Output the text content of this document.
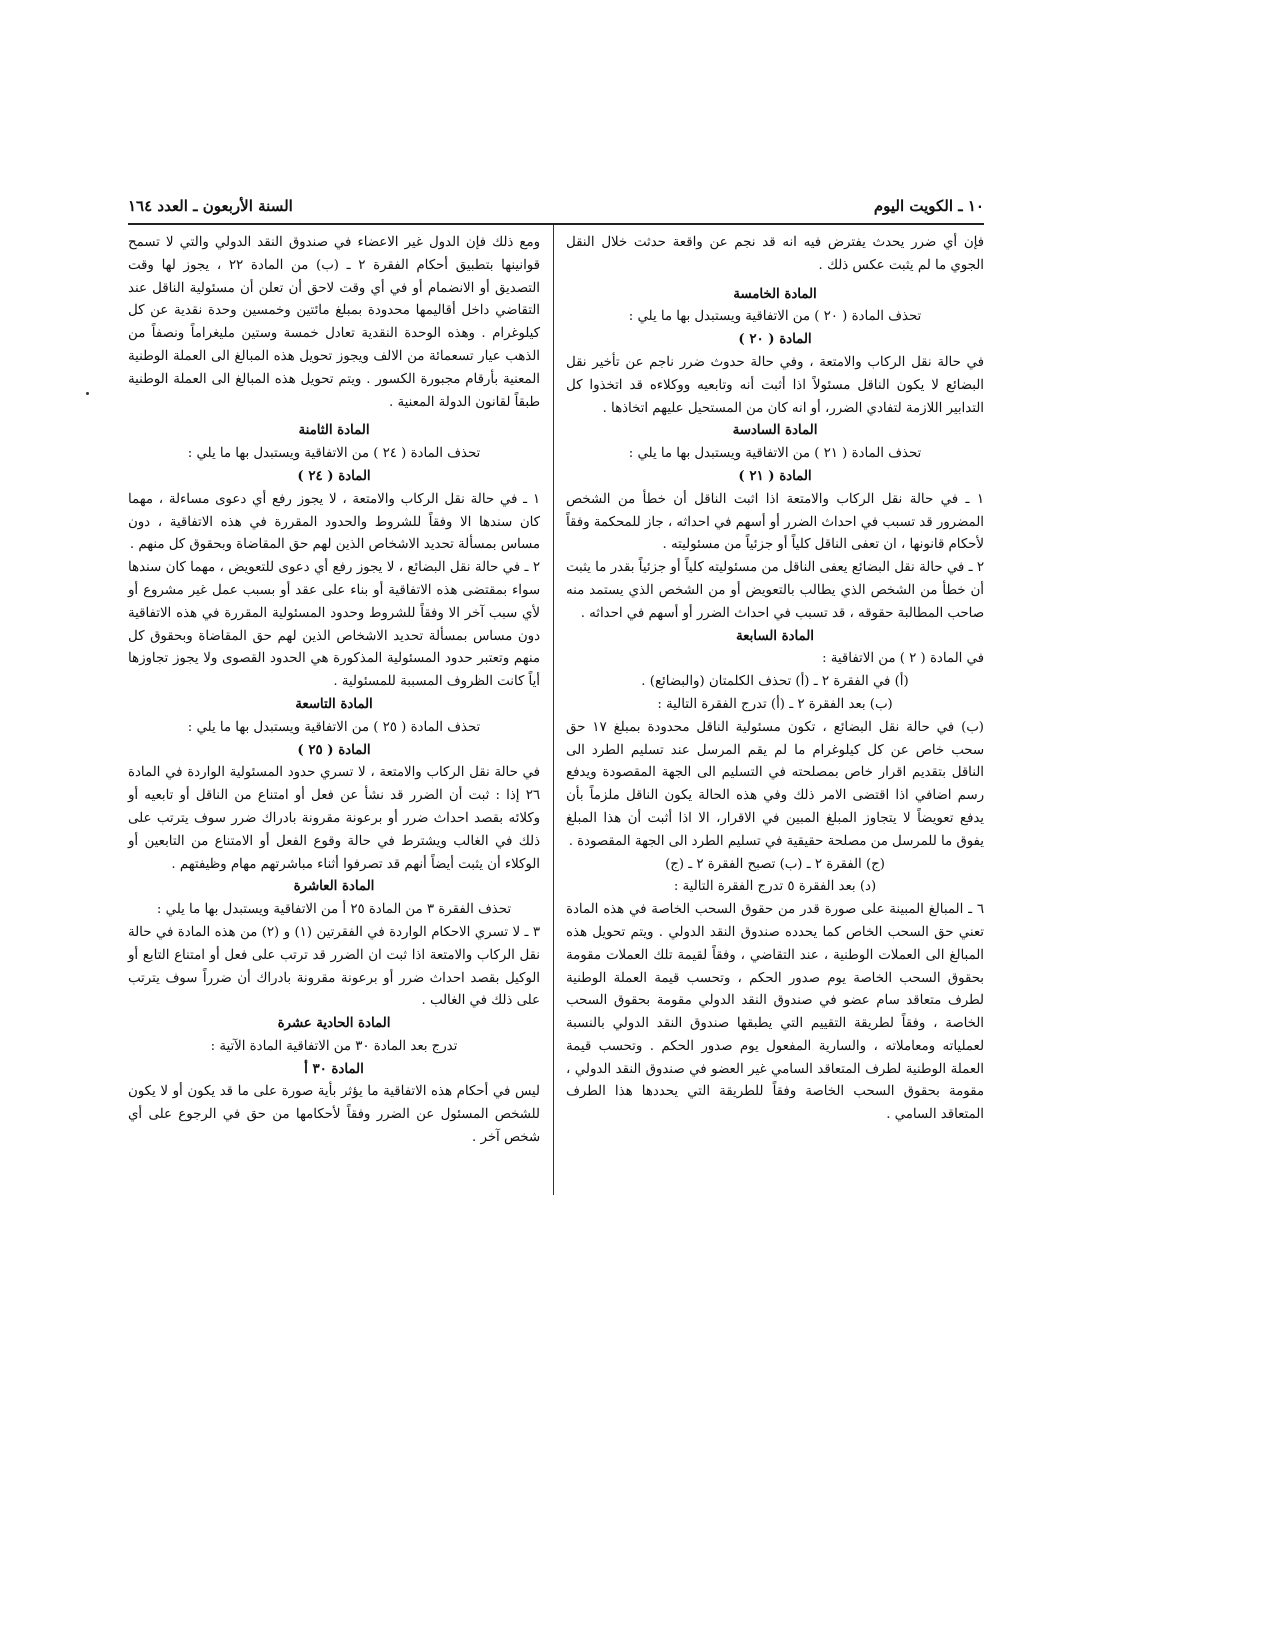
١٠ ـ الكويت اليوم
السنة الأربعون ـ العدد ١٦٤

فإن أي ضرر يحدث يفترض فيه انه قد نجم عن واقعة حدثت خلال النقل الجوي ما لم يثبت عكس ذلك .

المادة الخامسة

تحذف المادة ( ٢٠ ) من الاتفاقية ويستبدل بها ما يلي :

المادة ( ٢٠ )

في حالة نقل الركاب والامتعة ، وفي حالة حدوث ضرر ناجم عن تأخير نقل البضائع لا يكون الناقل مسئولاً اذا أثبت أنه وتابعيه ووكلاءه قد اتخذوا كل التدابير اللازمة لتفادي الضرر، أو انه كان من المستحيل عليهم اتخاذها .

المادة السادسة

تحذف المادة ( ٢١ ) من الاتفاقية ويستبدل بها ما يلي :

المادة ( ٢١ )

١ ـ في حالة نقل الركاب والامتعة اذا اثبت الناقل أن خطأ من الشخص المضرور قد تسبب في احداث الضرر أو أسهم في احداثه ، جاز للمحكمة وفقاً لأحكام قانونها ، ان تعفى الناقل كلياً أو جزئياً من مسئوليته .

٢ ـ في حالة نقل البضائع يعفى الناقل من مسئوليته كلياً أو جزئياً بقدر ما يثبت أن خطأ من الشخص الذي يطالب بالتعويض أو من الشخص الذي يستمد منه صاحب المطالبة حقوقه ، قد تسبب في احداث الضرر أو أسهم في احداثه .

المادة السابعة

في المادة ( ٢ ) من الاتفاقية :

(أ) في الفقرة ٢ ـ (أ) تحذف الكلمتان (والبضائع) .

(ب) بعد الفقرة ٢ ـ (أ) تدرج الفقرة التالية :

(ب) في حالة نقل البضائع ، تكون مسئولية الناقل محدودة بمبلغ ١٧ حق سحب خاص عن كل كيلوغرام ما لم يقم المرسل عند تسليم الطرد الى الناقل بتقديم اقرار خاص بمصلحته في التسليم الى الجهة المقصودة ويدفع رسم اضافي اذا اقتضى الامر ذلك وفي هذه الحالة يكون الناقل ملزماً بأن يدفع تعويضاً لا يتجاوز المبلغ المبين في الاقرار، الا اذا أثبت أن هذا المبلغ يفوق ما للمرسل من مصلحة حقيقية في تسليم الطرد الى الجهة المقصودة .

(ج) الفقرة ٢ ـ (ب) تصبح الفقرة ٢ ـ (ج)

(د) بعد الفقرة ٥ تدرج الفقرة التالية :

٦ ـ المبالغ المبينة على صورة قدر من حقوق السحب الخاصة في هذه المادة تعني حق السحب الخاص كما يحدده صندوق النقد الدولي . ويتم تحويل هذه المبالغ الى العملات الوطنية ، عند التقاضي ، وفقاً لقيمة تلك العملات مقومة بحقوق السحب الخاصة يوم صدور الحكم ، وتحسب قيمة العملة الوطنية لطرف متعاقد سام عضو في صندوق النقد الدولي مقومة بحقوق السحب الخاصة ، وفقاً لطريقة التقييم التي يطبقها صندوق النقد الدولي بالنسبة لعملياته ومعاملاته ، والسارية المفعول يوم صدور الحكم . وتحسب قيمة العملة الوطنية لطرف المتعاقد السامي غير العضو في صندوق النقد الدولي ، مقومة بحقوق السحب الخاصة وفقاً للطريقة التي يحددها هذا الطرف المتعاقد السامي .

ومع ذلك فإن الدول غير الاعضاء في صندوق النقد الدولي والتي لا تسمح قوانينها بتطبيق أحكام الفقرة ٢ ـ (ب) من المادة ٢٢ ، يجوز لها وقت التصديق أو الانضمام أو في أي وقت لاحق أن تعلن أن مسئولية الناقل عند التقاضي داخل أقاليمها محدودة بمبلغ مائتين وخمسين وحدة نقدية عن كل كيلوغرام . وهذه الوحدة النقدية تعادل خمسة وستين مليغراماً ونصفاً من الذهب عيار تسعمائة من الالف ويجوز تحويل هذه المبالغ الى العملة الوطنية المعنية بأرقام مجبورة الكسور . ويتم تحويل هذه المبالغ الى العملة الوطنية طبقاً لقانون الدولة المعنية .

المادة الثامنة

تحذف المادة ( ٢٤ ) من الاتفاقية ويستبدل بها ما يلي :

المادة ( ٢٤ )

١ ـ في حالة نقل الركاب والامتعة ، لا يجوز رفع أي دعوى مساءلة ، مهما كان سندها الا وفقاً للشروط والحدود المقررة في هذه الاتفاقية ، دون مساس بمسألة تحديد الاشخاص الذين لهم حق المقاضاة وبحقوق كل منهم .

٢ ـ في حالة نقل البضائع ، لا يجوز رفع أي دعوى للتعويض ، مهما كان سندها سواء بمقتضى هذه الاتفاقية أو بناء على عقد أو بسبب عمل غير مشروع أو لأي سبب آخر الا وفقاً للشروط وحدود المسئولية المقررة في هذه الاتفاقية دون مساس بمسألة تحديد الاشخاص الذين لهم حق المقاضاة وبحقوق كل منهم وتعتبر حدود المسئولية المذكورة هي الحدود القصوى ولا يجوز تجاوزها أياً كانت الظروف المسببة للمسئولية .

المادة التاسعة

تحذف المادة ( ٢٥ ) من الاتفاقية ويستبدل بها ما يلي :

المادة ( ٢٥ )

في حالة نقل الركاب والامتعة ، لا تسري حدود المسئولية الواردة في المادة ٢٦ إذا : ثبت أن الضرر قد نشأ عن فعل أو امتناع من الناقل أو تابعيه أو وكلائه بقصد احداث ضرر أو برعونة مقرونة بادراك ضرر سوف يترتب على ذلك في الغالب ويشترط في حالة وقوع الفعل أو الامتناع من التابعين أو الوكلاء أن يثبت أيضاً أنهم قد تصرفوا أثناء مباشرتهم مهام وظيفتهم .

المادة العاشرة

تحذف الفقرة ٣ من المادة ٢٥ أ من الاتفاقية ويستبدل بها ما يلي :

٣ ـ لا تسري الاحكام الواردة في الفقرتين (١) و (٢) من هذه المادة في حالة نقل الركاب والامتعة اذا ثبت ان الضرر قد ترتب على فعل أو امتناع التابع أو الوكيل بقصد احداث ضرر أو برعونة مقرونة بادراك أن ضرراً سوف يترتب على ذلك في الغالب .

المادة الحادية عشرة

تدرج بعد المادة ٣٠ من الاتفاقية المادة الآتية :

المادة ٣٠ أ

ليس في أحكام هذه الاتفاقية ما يؤثر بأية صورة على ما قد يكون أو لا يكون للشخص المسئول عن الضرر وفقاً لأحكامها من حق في الرجوع على أي شخص آخر .
